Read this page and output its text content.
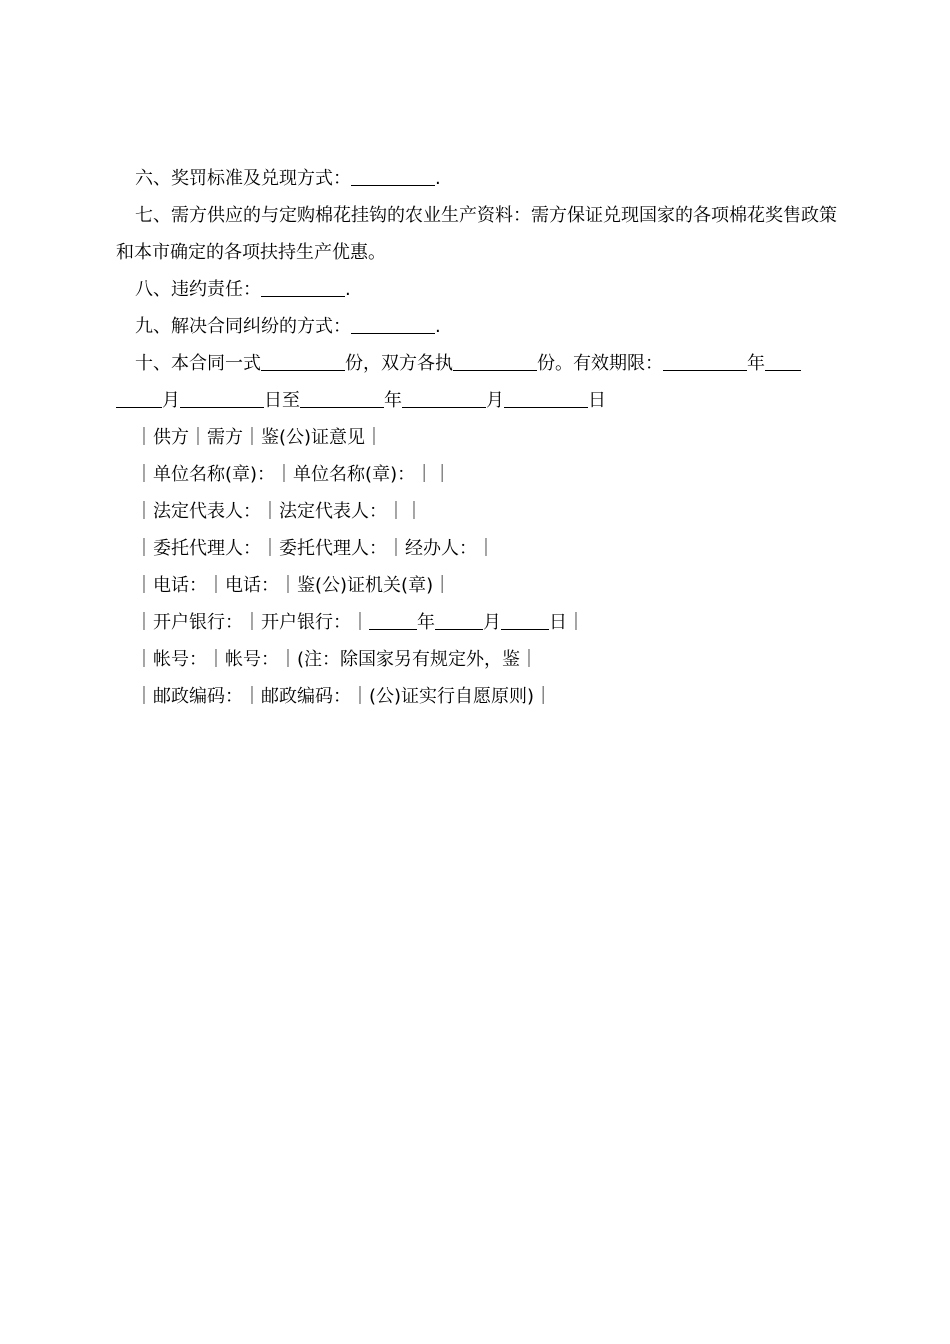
六、奖罚标准及兑现方式：	.

七、需方供应的与定购棉花挂钩的农业生产资料：需方保证兑现国家的各项棉花奖售政策和本市确定的各项扶持生产优惠。

八、违约责任：	.

九、解决合同纠纷的方式：	.

十、本合同一式	份，双方各执	份。有效期限：	年
月	日至	年	月	日

｜供方｜需方｜鉴(公)证意见｜

｜单位名称(章)：｜单位名称(章)：｜｜

｜法定代表人：｜法定代表人：｜｜

｜委托代理人：｜委托代理人：｜经办人：｜

｜电话：｜电话：｜鉴(公)证机关(章)｜

｜开户银行：｜开户银行：｜	年	月	日｜

｜帐号：｜帐号：｜(注：除国家另有规定外，鉴｜

｜邮政编码：｜邮政编码：｜(公)证实行自愿原则)｜
